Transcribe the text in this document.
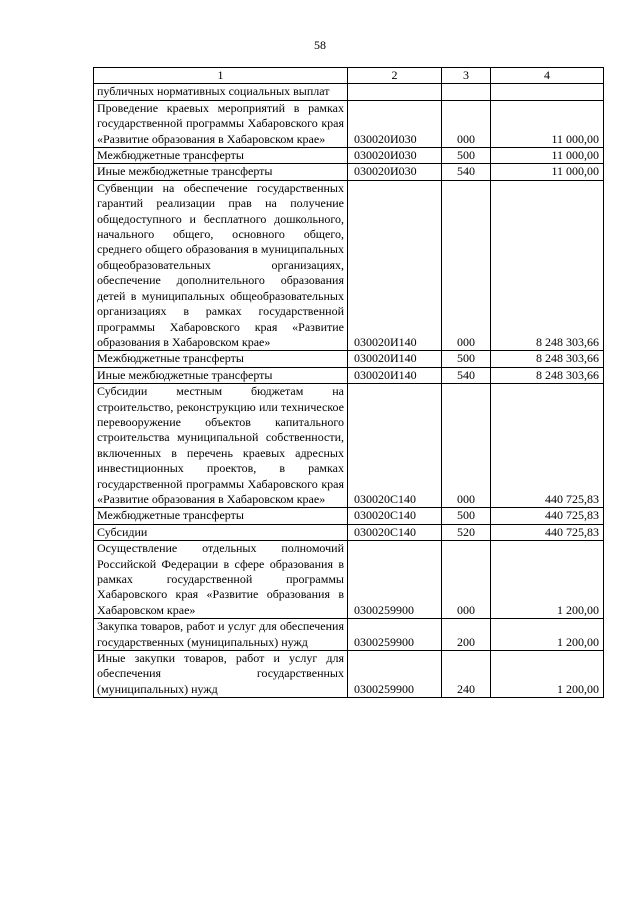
58
1	2	3	4
публичных нормативных социальных выплат			
Проведение краевых мероприятий в рамках государственной программы Хабаровского края «Развитие образования в Хабаровском крае»	030020И030	000	11 000,00
Межбюджетные трансферты	030020И030	500	11 000,00
Иные межбюджетные трансферты	030020И030	540	11 000,00
Субвенции на обеспечение государственных гарантий реализации прав на получение общедоступного и бесплатного дошкольного, начального общего, основного общего, среднего общего образования в муниципальных общеобразовательных организациях, обеспечение дополнительного образования детей в муниципальных общеобразовательных организациях в рамках государственной программы Хабаровского края «Развитие образования в Хабаровском крае»	030020И140	000	8 248 303,66
Межбюджетные трансферты	030020И140	500	8 248 303,66
Иные межбюджетные трансферты	030020И140	540	8 248 303,66
Субсидии местным бюджетам на строительство, реконструкцию или техническое перевооружение объектов капитального строительства муниципальной собственности, включенных в перечень краевых адресных инвестиционных проектов, в рамках государственной программы Хабаровского края «Развитие образования в Хабаровском крае»	030020С140	000	440 725,83
Межбюджетные трансферты	030020С140	500	440 725,83
Субсидии	030020С140	520	440 725,83
Осуществление отдельных полномочий Российской Федерации в сфере образования в рамках государственной программы Хабаровского края «Развитие образования в Хабаровском крае»	0300259900	000	1 200,00
Закупка товаров, работ и услуг для обеспечения государственных (муниципальных) нужд	0300259900	200	1 200,00
Иные закупки товаров, работ и услуг для обеспечения государственных (муниципальных) нужд	0300259900	240	1 200,00
